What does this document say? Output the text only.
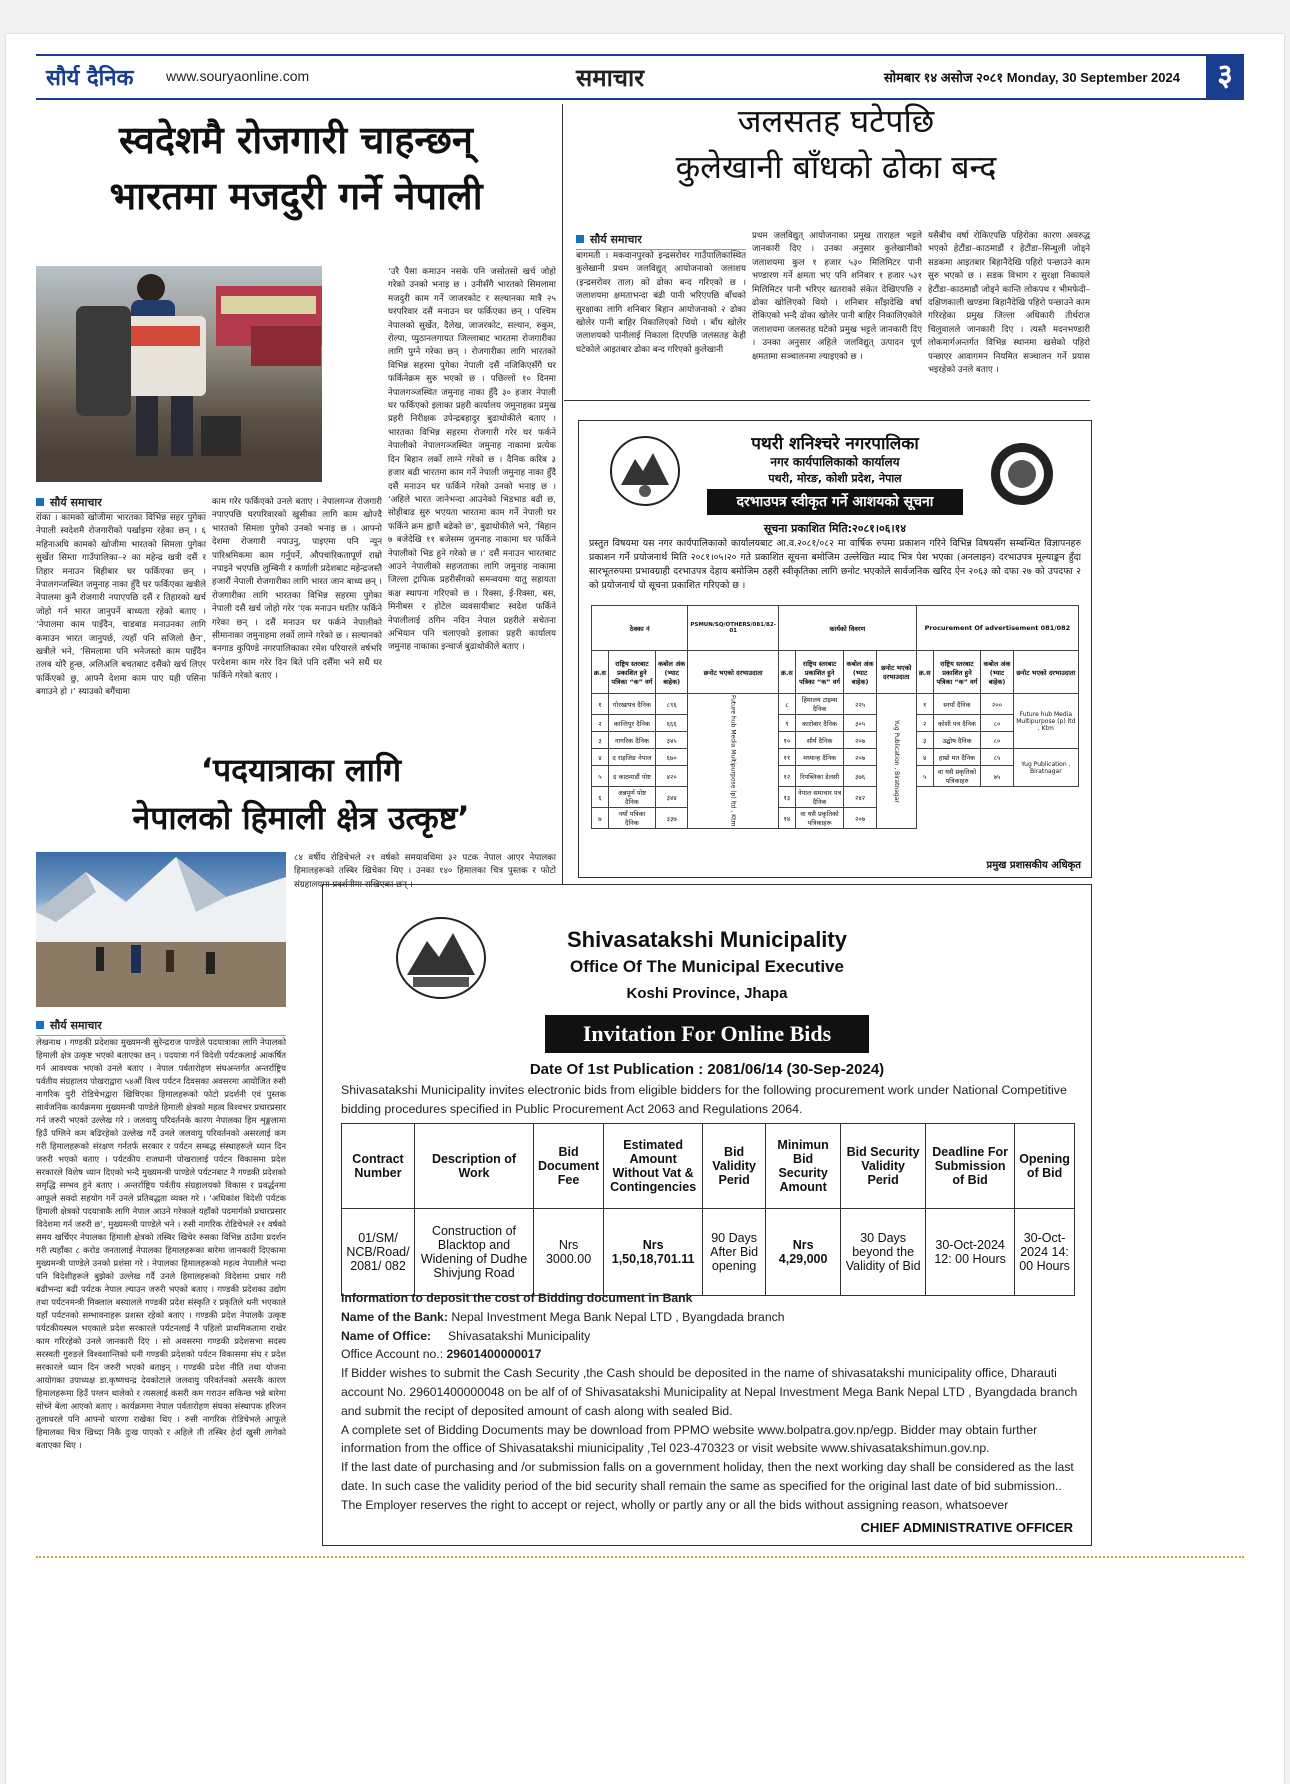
सौर्य दैनिक www.souryaonline.com	समाचार	सोमबार १४ असोज २०८१ Monday, 30 September 2024	३
स्वदेशमै रोजगारी चाहन्छन्
भारतमा मजदुरी गर्ने नेपाली
सौर्य समाचार
रांका । कामको खोजीमा भारतका विभिन्न सहर पुगेका नेपाली स्वदेशमै रोजगारीको पर्खाइमा रहेका छन् । ६ महिनाअघि कामको खोजीमा भारतको सिमला पुगेका सुर्खेत सिम्ता गाउँपालिका–२ का महेन्द्र खत्री दसैं र तिहार मनाउन बिहीबार घर फर्किएका छन् । नेपालगन्जस्थित जमुनाह नाका हुँदै घर फर्किएका खत्रीले नेपालमा कुनै रोजगारी नपाएपछि दसैं र तिहारको खर्च जोहो गर्न भारत जानुपर्ने बाध्यता रहेको बताए । ‘नेपालमा काम पाइँदैन, चाडबाड मनाउनका लागि कमाउन भारत जानुपर्छ, त्यहाँ पनि सजिलो छैन’, खत्रीले भने, ‘सिमलामा पनि भनेजस्तो काम पाइँदैन तलब थोरै हुन्छ, अलिअलि बचतबाट दसैंको खर्च लिएर फर्किएको छु, आफ्नै देशमा काम पाए यही पसिना बगाउने हो ।’ स्याउको बगैंचामा
काम गरेर फर्किएको उनले बताए । नेपालगन्ज रोजगारी नपाएपछि घरपरिवारको खुसीका लागि काम खोज्दै भारतको सिमला पुगेको उनको भनाइ छ । आफ्नो देशमा रोजगारी नपाउनु, पाइएमा पनि न्यून पारिश्रमिकमा काम गर्नुपर्ने, औपचारिकतापूर्ण राम्रो नपाइने भएपछि लुम्बिनी र कर्णाली प्रदेशबाट महेन्द्रजस्तै हजारौं नेपाली रोजगारीका लागि भारत जान बाध्य छन् । रोजगारीका लागि भारतका विभिन्न सहरमा पुगेका नेपाली दसैं खर्च जोहो गरेर ‘एक मनाउन घरतिर फर्किने गरेका छन् । दसैं मनाउन घर फर्कने नेपालीको सीमानाका जमुनाहमा लर्को लाग्ने गरेको छ । सल्यानको बनगाड कुपिण्डे नगरपालिकाका रमेश परियारले वर्षभरि परदेशमा काम गरेर दिन बिते पनि दसैँमा भने सधैं घर फर्किने गरेको बताए ।
‘उरै पैसा कमाउन नसके पनि जसोतसो खर्च जोहो गरेको उनको भनाइ छ । उनीसँगै भारतको सिमलामा मजदुरी काम गर्ने जाजरकोट र सल्यानका मात्रै २५ घरपरिवार दसैं मनाउन घर फर्किएका छन् । पश्चिम नेपालको सुर्खेत, दैलेख, जाजरकोट, सल्यान, रुकुम, रोल्पा, प्युठानलगायत जिल्लाबाट भारतमा रोजगारीका लागि पुग्ने गरेका छन् । रोजगारीका लागि भारतको विभिन्न सहरमा पुगेका नेपाली दसैं नजिकिएसँगै घर फर्किनेक्रम सुरु भएको छ । पछिल्लो १० दिनमा नेपालगञ्जस्थित जमुनाह नाका हुँदै ३० हजार नेपाली घर फर्किएको इलाका प्रहरी कार्यालय जमुनाहका प्रमुख प्रहरी निरीक्षक उपेन्द्रबहादुर बुढाथोकीले बताए । भारतका विभिन्न सहरमा रोजगारी गरेर घर फर्कने नेपालीको नेपालगञ्जस्थित जमुनाह नाकामा प्रत्येक दिन बिहान लर्को लाग्ने गरेको छ । दैनिक करिब ३ हजार बढी भारतमा काम गर्ने नेपाली जमुनाह नाका हुँदै दसैं मनाउन घर फर्किने गरेको उनको भनाइ छ । ‘अहिले भारत जानेभन्दा आउनेको भिडभाड बढी छ, सोहीबाढ सुरु भएयता भारतमा काम गर्ने नेपाली घर फर्किने क्रम ह्वात्तै बढेको छ’, बुढाथोकीले भने, ‘बिहान ७ बजेदेखि ११ बजेसम्म जुमनाह नाकामा घर फर्किने नेपालीको भिड हुने गरेको छ ।’ दसैं मनाउन भारतबाट आउने नेपालीको सहजताका लागि जमुनाह नाकामा जिल्ला ट्राफिक प्रहरीसँगको समन्वयमा यातु सहायता कक्ष स्थापना गरिएको छ । रिक्सा, ई-रिक्सा, बस, मिनीबस र होटेल व्यवसायीबाट स्वदेश फर्किने नेपालीलाई ठगिन नदिन नेपाल प्रहरीले सचेतना अभियान पनि चलाएको इलाका प्रहरी कार्यालय जमुनाह नाकाका इन्चार्ज बुढाथोकीले बताए ।
‘पदयात्राका लागि
नेपालको हिमाली क्षेत्र उत्कृष्ट’
८४ वर्षीय रोडिचेभले २१ वर्षको समयावधिमा ३२ पटक नेपाल आएर नेपालका हिमालहरूको तस्बिर खिचेका थिए । उनका १४० हिमालका चित्र पुस्तक र फोटो संग्रहालयमा प्रदर्शनीमा राखिएका छन् ।
सौर्य समाचार
लेखनाथ । गण्डकी प्रदेशका मुख्यमन्त्री सुरेन्द्रराज पाण्डेले पदयात्राका लागि नेपालको हिमाली क्षेत्र उत्कृष्ट भएको बताएका छन् । पदयात्रा गर्न विदेशी पर्यटकलाई आकर्षित गर्न आवश्यक भएको उनले बताए । नेपाल पर्वतारोहण संघअन्तर्गत अन्तर्राष्ट्रिय पर्वतीय संग्रहालय पोखराद्वारा ५४औं विश्व पर्यटन दिवसका अवसरमा आयोजित रुसी नागरिक युरी रोडिचेभद्वारा खिचिएका हिमालहरूको फोटो प्रदर्शनी एवं पुस्तक सार्वजनिक कार्यक्रममा मुख्यमन्त्री पाण्डेले हिमाली क्षेत्रको महत्व विश्वभर प्रचारप्रसार गर्न जरुरी भएको उल्लेख गरे । जलवायु परिवर्तनके कारण नेपालका हिम शृङ्खलामा हिउँ पग्लिने कम बढिरहेको उल्लेख गर्दै उनले जलवायु परिवर्तनको असरलाई कम गरी हिमालहरूको संरक्षण गर्नतर्फ सरकार र पर्यटन सम्बद्ध संस्थाहरूले ध्यान दिन जरुरी भएको बताए । पर्यटकीय राजधानी पोखरालाई पर्यटन विकासमा प्रदेश सरकारले विशेष ध्यान दिएको भन्दै मुख्यमन्त्री पाण्डेले पर्यटनबाट नै गण्डकी प्रदेशको समृद्धि सम्भव हुने बताए । अन्तर्राष्ट्रिय पर्वतीय संग्रहालयको विकास र प्रवर्द्धनमा आफूले सक्दो सहयोग गर्ने उनले प्रतिबद्धता व्यक्त गरे । ‘अधिकांश विदेशी पर्यटक हिमाली क्षेत्रको पदयात्राकै लागि नेपाल आउने गरेकाले यहाँको पदमार्गको प्रचारप्रसार विदेशमा गर्न जरुरी छ’, मुख्यमन्त्री पाण्डेले भने । रुसी नागरिक रोडिचेभले २१ वर्षको समय खर्चिएर नेपालका हिमाली क्षेत्रको तस्बिर खिचेर रुसका विभिन्न ठाउँमा प्रदर्शन गरी त्यहाँका ८ करोड जनतालाई नेपालका हिमालहरूका बारेमा जानकारी दिएकामा मुख्यमन्त्री पाण्डेले उनको प्रशंसा गरे । नेपालका हिमालहरूको महत्व नेपालीले भन्दा पनि विदेशीहरूले बुझेको उल्लेख गर्दै उनले हिमालहरूको विदेशमा प्रचार गरी बढीभन्दा बढी पर्यटक नेपाल ल्याउन जरुरी भएको बताए । गण्डकी प्रदेशका उद्योग तथा पर्यटनमन्त्री मिक्लाल बस्यालले गण्डकी प्रदेश संस्कृति र प्रकृतिले धनी भएकाले यहाँ पर्यटनको सम्भावनाहरू प्रशस्त रहेको बताए । गण्डकी प्रदेश नेपालकै उत्कृष्ट पर्यटकीयस्थल भएकाले प्रदेश सरकारले पर्यटनलाई नै पहिलो प्राथमिकतामा राखेर काम गरिरहेको उनले जानकारी दिए । सो अवसरमा गण्डकी प्रदेशसभा सदस्य सरस्वती गुरुङले विश्वशान्तिको धनी गण्डकी प्रदेशको पर्यटन विकासमा संघ र प्रदेश सरकारले ध्यान दिन जरुरी भएको बताइन् । गण्डकी प्रदेश नीति तथा योजना आयोगका उपाध्यक्ष डा.कृष्णचन्द्र देवकोटाले जलवायु परिवर्तनको असरकै कारण हिमालहरूमा हिउँ पग्लन थालेको र त्यसलाई कसरी कम गराउन सकिन्छ भन्ने बारेमा सोच्ने बेला आएको बताए । कार्यक्रममा नेपाल पर्वतारोहण संघका संस्थापक हरिजन तुलाधरले पनि आफ्नो धारणा राखेका थिए । रुसी नागरिक रोडिचेभले आफूले हिमालका चित्र खिच्दा निकै दुःख पाएको र अहिले ती तस्बिर हेर्दा खुसी लागेको बताएका थिए ।
जलसतह घटेपछि
कुलेखानी बाँधको ढोका बन्द
सौर्य समाचार
बागमती । मकवानपुरको इन्द्रसरोवर गाउँपालिकास्थित कुलेखानी प्रथम जलविद्युत् आयोजनाको जलाशय (इन्द्रसरोवर ताल) को ढोका बन्द गरिएको छ । जलाशयमा क्षमताभन्दा बढी पानी भरिएपछि बाँधको सुरक्षाका लागि शनिबार बिहान आयोजनाको २ ढोका खोलेर पानी बाहिर निकालिएको थियो । बाँध खोलेर जलाशयको पानीलाई निकाला दिएपछि जलसतह केही घटेकोले आइतबार ढोका बन्द गरिएको कुलेखानी
प्रथम जलविद्युत् आयोजनाका प्रमुख ताराहल भट्टले जानकारी दिए । उनका अनुसार कुलेखानीको जलाशयमा कुल १ हजार ५३० मिलिमिटर पानी भण्डारण गर्ने क्षमता भए पनि शनिबार १ हजार ५३१ मिलिमिटर पानी भरिएर खतराको संकेत देखिएपछि २ ढोका खोलिएको थियो । शनिबार साँझदेखि वर्षा रोकिएको भन्दै ढोका खोलेर पानी बाहिर निकालिएकोले जलाशयमा जलसतह घटेको प्रमुख भट्टले जानकारी दिए । उनका अनुसार अहिले जलविद्युत् उत्पादन पूर्ण क्षमतामा सञ्चालनमा ल्याइएको छ ।
यसैबीच वर्षा रोकिएपछि पहिरोका कारण अवरुद्ध भएको हेटौंडा–काठमाडौं र हेटौंडा–सिन्धुली जोड्ने सडकमा आइतबार बिहानैदेखि पहिरो पन्छाउने काम सुरु भएको छ । सडक विभाग र सुरक्षा निकायले हेटौंडा–काठमाडौं जोड्ने कान्ति लोकपथ र भीमफेदी–दक्षिणकाली खण्डमा बिहानैदेखि पहिरो पन्छाउने काम गरिरहेका प्रमुख जिल्ला अधिकारी तीर्थराज चिलुवालले जानकारी दिए । त्यस्तै मदनभण्डारी लोकमार्गअन्तर्गत विभिन्न स्थानमा खसेको पहिरो पन्छाएर आवागमन नियमित सञ्चालन गर्ने प्रयास भइरहेको उनले बताए ।
पथरी शनिश्चरे नगरपालिका
नगर कार्यपालिकाको कार्यालय
पथरी, मोरङ, कोशी प्रदेश, नेपाल
दरभाउपत्र स्वीकृत गर्ने आशयको सूचना
सूचना प्रकाशित मिति:२०८१।०६।१४
प्रस्तुत विषयमा यस नगर कार्यपालिकाको कार्यालयबाट आ.व.२०८१/०८२ मा वार्षिक रुपमा प्रकाशन गरिने विभिन्न विषयसँग सम्बन्धित विज्ञापनहरु प्रकाशन गर्ने प्रयोजनार्थ मिति २०८१।०५।२० गते प्रकाशित सूचना बमोजिम उल्लेखित म्याद भित्र पेश भएका (अनलाइन) दरभाउपत्र मूल्याङ्कन हुँदा सारभूतरुपमा प्रभावग्राही दरभाउपत्र देहाय बमोजिम ठहरी स्वीकृतिका लागि छनोट भएकोले सार्वजनिक खरिद ऐन २०६३ को दफा २७ को उपदफा २ को प्रयोजनार्थ यो सूचना प्रकाशित गरिएको छ ।
ठेक्का नं			PSMUN/SQ/OTHERS/081/82-01	कार्यको विवरण				Procurement Of advertisement 081/082			
क्र.स	राष्ट्रिय स्तरबाट प्रकाशित हुने पत्रिका “क” वर्ग	कबोल अंक (भ्याट बाहेक)	छनोट भएको दरभाउदाता	क्र.स	राष्ट्रिय स्तरबाट प्रकाशित हुने पत्रिका “क” वर्ग	कबोल अंक (भ्याट बाहेक)	छनोट भएको दरभाउदाता	क्र.स	राष्ट्रिय स्तरबाट प्रकाशित हुने पत्रिका “क” वर्ग	कबोल अंक (भ्याट बाहेक)	छनोट भएको दरभाउदाता
१	गोरखापत्र दैनिक	८९६	Future hub Media Multipurpose (p) ltd , Ktm	८	हिमालय टाइम्स दैनिक	२२५	Yug Publication , Biratnagar	१	स्नयाँ दैनिक	२००	Future hub Media Multipurpose (p) ltd , Ktm
२	कान्तिपुर दैनिक	६६६		९	कारोबार दैनिक	३०५		२	कोशी पत्र दैनिक	८०	
३	नागरिक दैनिक	३४५		१०	सौर्य दैनिक	२०७		३	उद्घोष दैनिक	८०	
४	द राइजिङ नेपाल	६७०		११	मध्यान्ह दैनिक	२०७		४	हाम्रो मत दैनिक	८५	Yug Publication , Biratnagar
५	द काठमाडौं पोष्ट	४२०		१२	रिपब्लिका डेलसी	३७६		५	वा यसै प्रकृतिको पत्रिकाहरु	७५	
६	अन्नपूर्ण पोष्ट दैनिक	३४४		१३	नेपाल समाचार पत्र दैनिक	२४२					
७	नयाँ पत्रिका दैनिक	३३७		१४	वा यसै प्रकृतिको पत्रिकाहरू	२०७					
प्रमुख प्रशासकीय अधिकृत
Shivasatakshi Municipality
Office Of The Municipal Executive
Koshi Province, Jhapa
Invitation For Online Bids
Date Of 1st Publication : 2081/06/14 (30-Sep-2024)
Shivasatakshi Municipality invites electronic bids from eligible bidders for the following procurement work under National Competitive bidding procedures specified in Public Procurement Act 2063 and Regulations 2064.
Contract Number	Description of Work	Bid Document Fee	Estimated Amount Without Vat & Contingencies	Bid Validity Perid	Minimun Bid Security Amount	Bid Security Validity Perid	Deadline For Submission of Bid	Opening of Bid
01/SM/ NCB/Road/ 2081/ 082	Construction of Blacktop and Widening of Dudhe Shivjung Road	Nrs 3000.00	Nrs 1,50,18,701.11	90 Days After Bid opening	Nrs 4,29,000	30 Days beyond the Validity of Bid	30-Oct-2024 12: 00 Hours	30-Oct-2024 14: 00 Hours
Information to deposit the cost of Bidding document in Bank
Name of the Bank: Nepal Investment Mega Bank Nepal LTD , Byangdada branch
Name of Office: Shivasatakshi Municipality
Office Account no.: 29601400000017
If Bidder wishes to submit the Cash Security ,the Cash should be deposited in the name of shivasatakshi municipality office, Dharauti account No. 29601400000048 on be alf of of Shivasatakshi Municipality at Nepal Investment Mega Bank Nepal LTD , Byangdada branch and submit the recipt of deposited amount of cash along with sealed Bid.
A complete set of Bidding Documents may be download from PPMO website www.bolpatra.gov.np/egp. Bidder may obtain further information from the office of Shivasatakshi miunicipality ,Tel 023-470323 or visit website www.shivasatakshimun.gov.np.
If the last date of purchasing and /or submission falls on a government holiday, then the next working day shall be considered as the last date. In such case the validity period of the bid security shall remain the same as specified for the original last date of bid submission..
The Employer reserves the right to accept or reject, wholly or partly any or all the bids without assigning reason, whatsoever
CHIEF ADMINISTRATIVE OFFICER
